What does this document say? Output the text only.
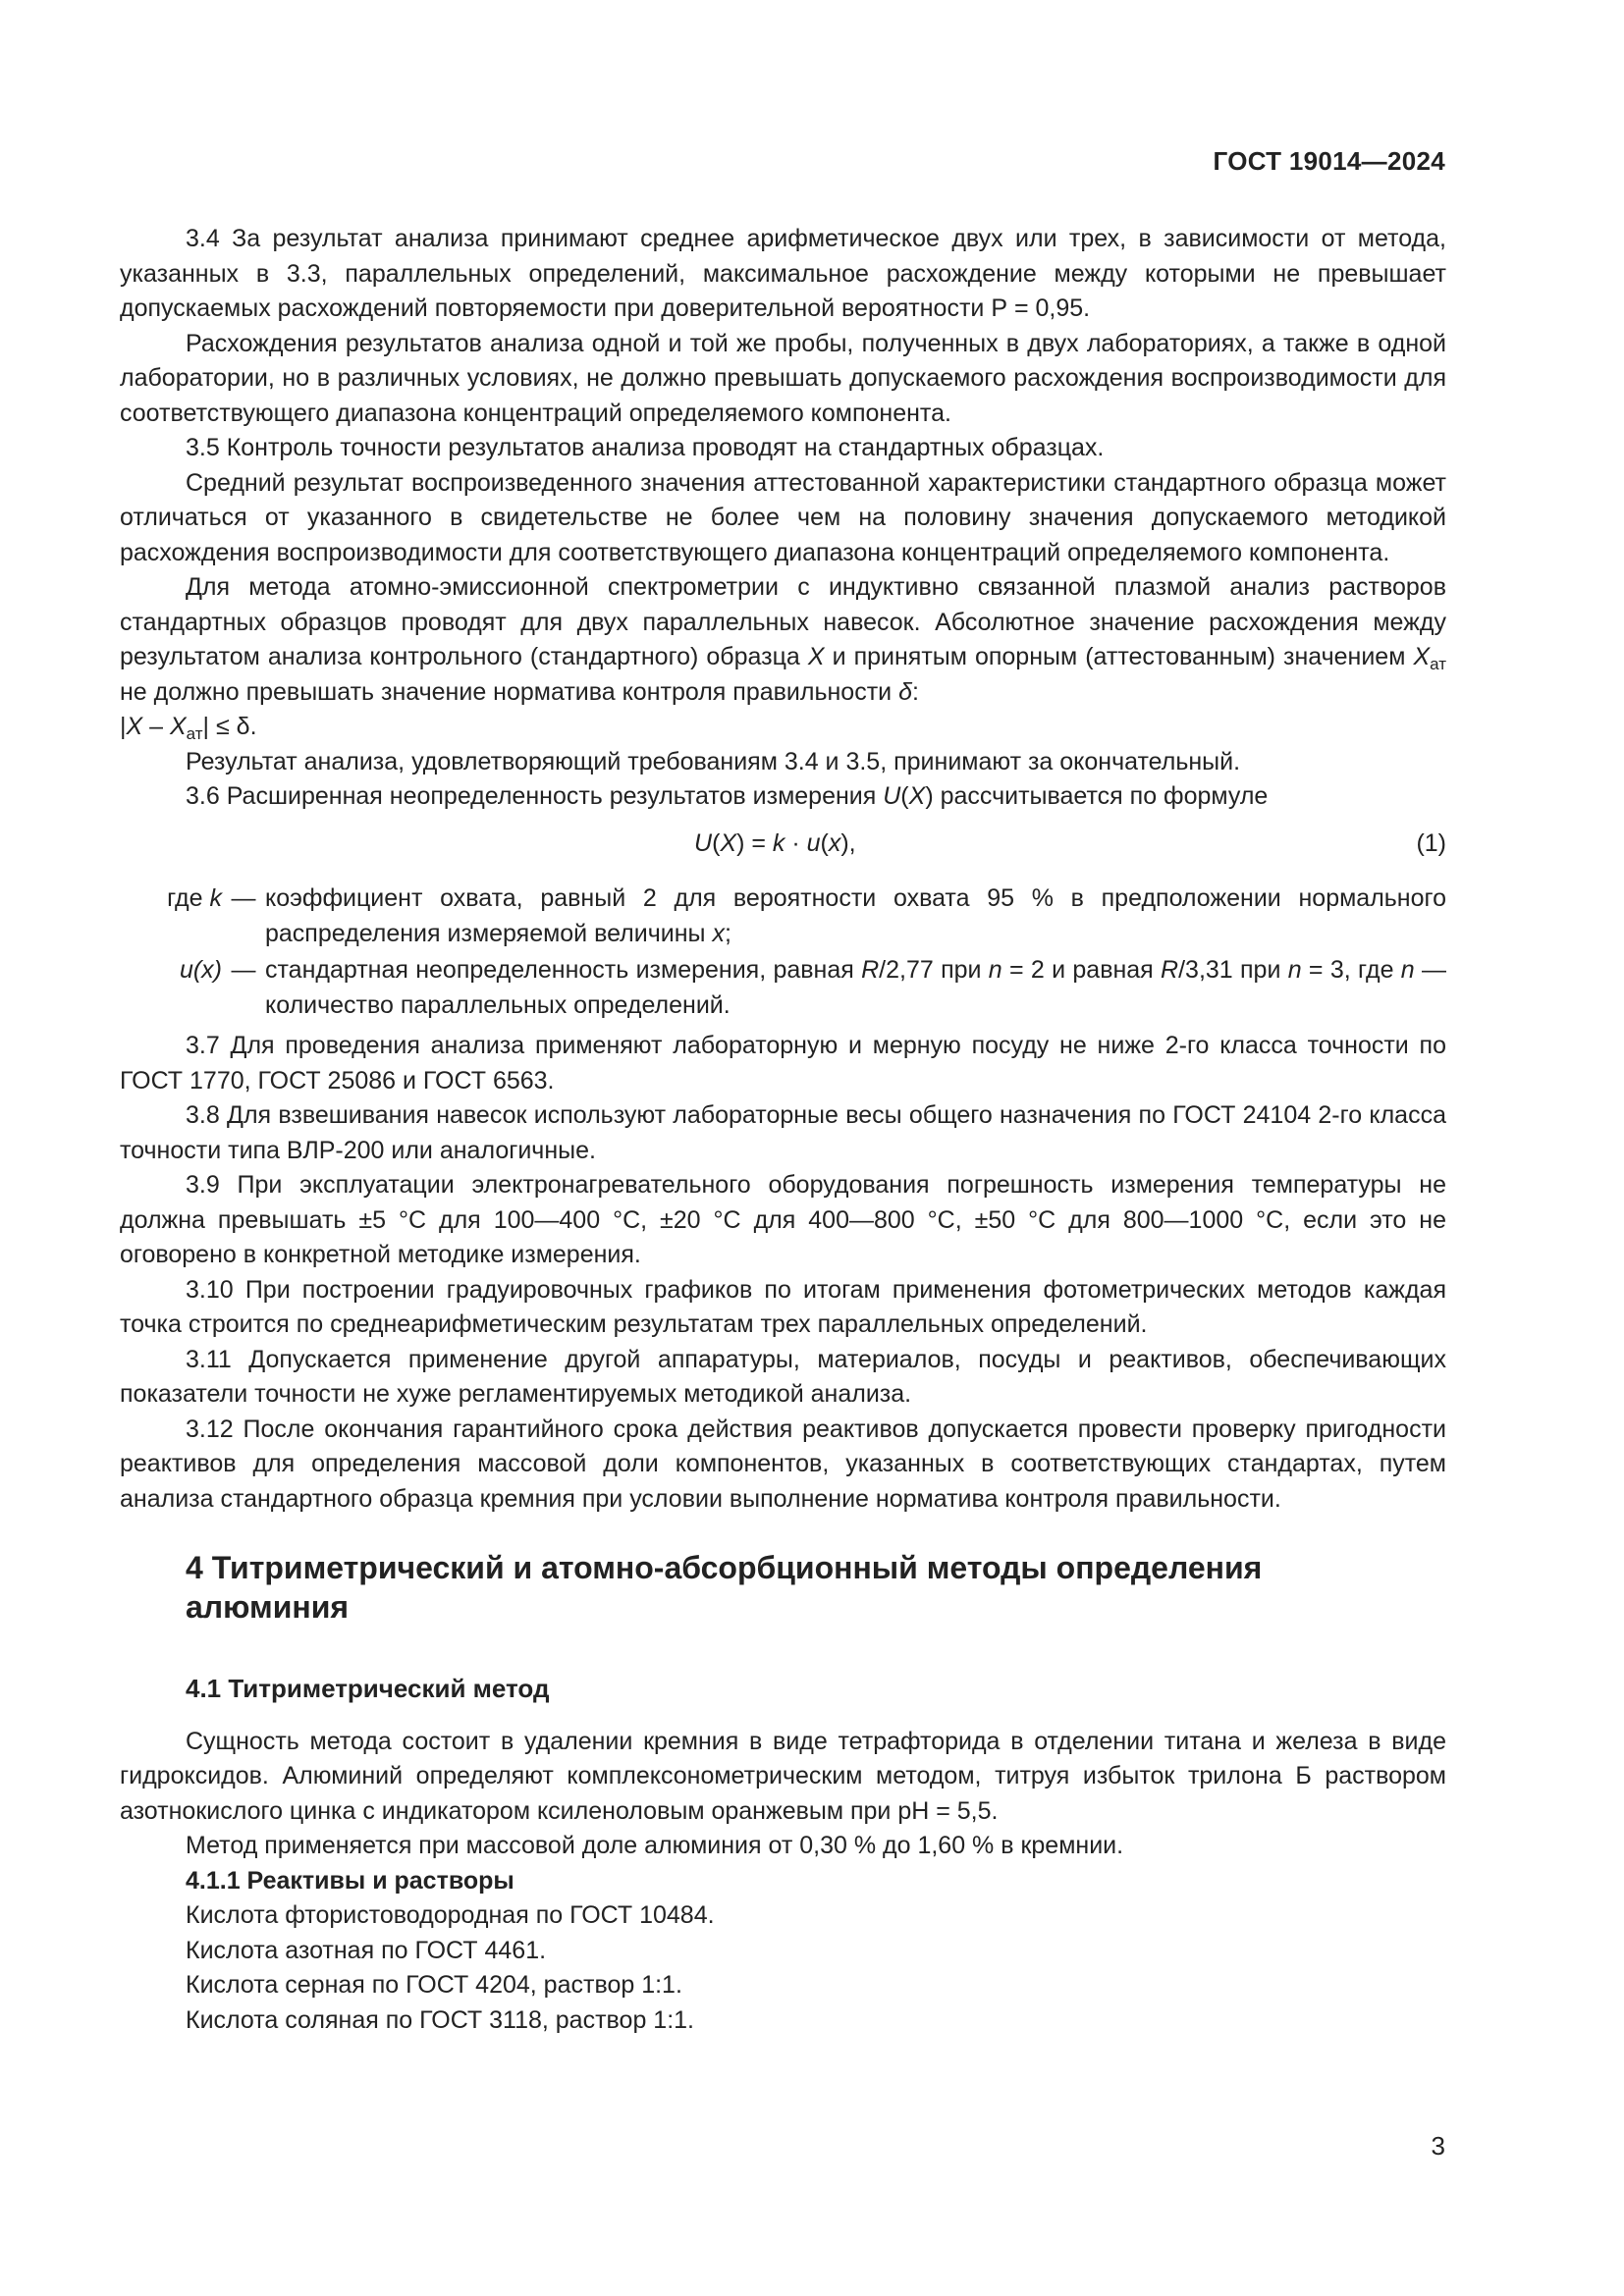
ГОСТ 19014—2024

3.4 За результат анализа принимают среднее арифметическое двух или трех, в зависимости от метода, указанных в 3.3, параллельных определений, максимальное расхождение между которыми не превышает допускаемых расхождений повторяемости при доверительной вероятности Р = 0,95.

Расхождения результатов анализа одной и той же пробы, полученных в двух лабораториях, а также в одной лаборатории, но в различных условиях, не должно превышать допускаемого расхождения воспроизводимости для соответствующего диапазона концентраций определяемого компонента.

3.5 Контроль точности результатов анализа проводят на стандартных образцах.

Средний результат воспроизведенного значения аттестованной характеристики стандартного образца может отличаться от указанного в свидетельстве не более чем на половину значения допускаемого методикой расхождения воспроизводимости для соответствующего диапазона концентраций определяемого компонента.

Для метода атомно-эмиссионной спектрометрии с индуктивно связанной плазмой анализ растворов стандартных образцов проводят для двух параллельных навесок. Абсолютное значение расхождения между результатом анализа контрольного (стандартного) образца X и принятым опорным (аттестованным) значением $X_{ат}$ не должно превышать значение норматива контроля правильности δ:

$|X - X_{ат}| \le \delta$.

Результат анализа, удовлетворяющий требованиям 3.4 и 3.5, принимают за окончательный.

3.6 Расширенная неопределенность результатов измерения U(X) рассчитывается по формуле

U(X) = k · u(x),	(1)
где k — коэффициент охвата, равный 2 для вероятности охвата 95 % в предположении нормального распределения измеряемой величины x;
u(x) — стандартная неопределенность измерения, равная R/2,77 при n = 2 и равная R/3,31 при n = 3, где n — количество параллельных определений.

3.7 Для проведения анализа применяют лабораторную и мерную посуду не ниже 2-го класса точности по ГОСТ 1770, ГОСТ 25086 и ГОСТ 6563.

3.8 Для взвешивания навесок используют лабораторные весы общего назначения по ГОСТ 24104 2-го класса точности типа ВЛР-200 или аналогичные.

3.9 При эксплуатации электронагревательного оборудования погрешность измерения температуры не должна превышать ±5 °С для 100—400 °С, ±20 °С для 400—800 °С, ±50 °С для 800—1000 °С, если это не оговорено в конкретной методике измерения.

3.10 При построении градуировочных графиков по итогам применения фотометрических методов каждая точка строится по среднеарифметическим результатам трех параллельных определений.

3.11 Допускается применение другой аппаратуры, материалов, посуды и реактивов, обеспечивающих показатели точности не хуже регламентируемых методикой анализа.

3.12 После окончания гарантийного срока действия реактивов допускается провести проверку пригодности реактивов для определения массовой доли компонентов, указанных в соответствующих стандартах, путем анализа стандартного образца кремния при условии выполнение норматива контроля правильности.

4 Титриметрический и атомно-абсорбционный методы определения
алюминия
4.1 Титриметрический метод

Сущность метода состоит в удалении кремния в виде тетрафторида в отделении титана и железа в виде гидроксидов. Алюминий определяют комплексонометрическим методом, титруя избыток трилона Б раствором азотнокислого цинка с индикатором ксиленоловым оранжевым при рН = 5,5.

Метод применяется при массовой доле алюминия от 0,30 % до 1,60 % в кремнии.

4.1.1 Реактивы и растворы

Кислота фтористоводородная по ГОСТ 10484.

Кислота азотная по ГОСТ 4461.

Кислота серная по ГОСТ 4204, раствор 1:1.

Кислота соляная по ГОСТ 3118, раствор 1:1.

3
